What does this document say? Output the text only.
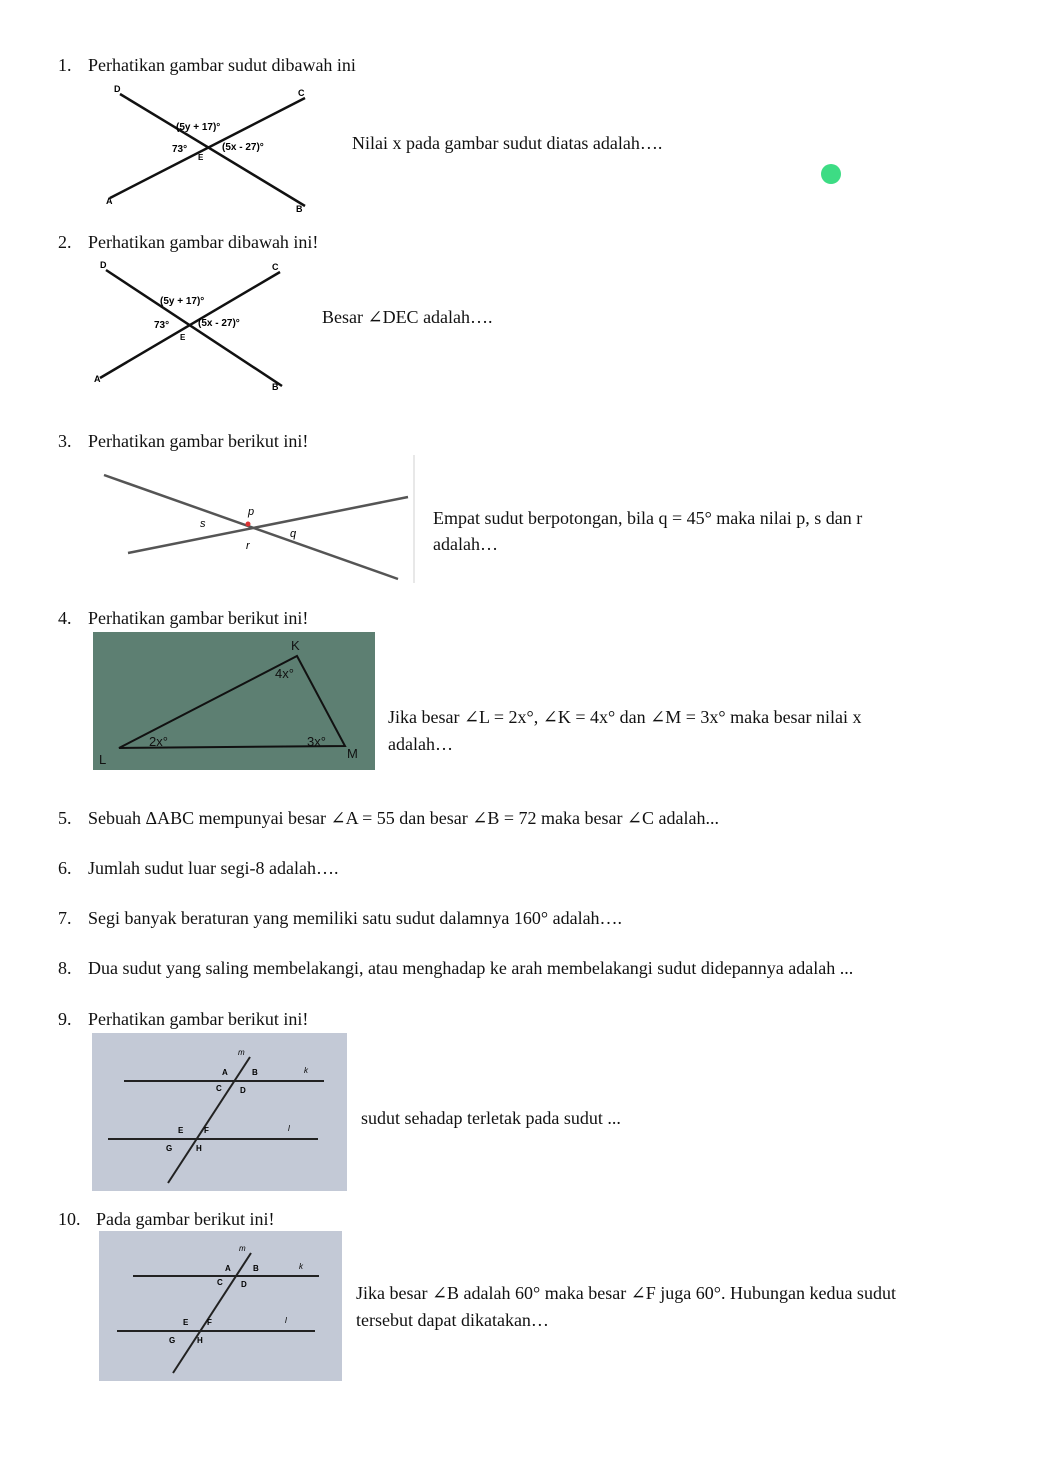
1. Perhatikan gambar sudut dibawah ini
D	C
A
B
E
(5y + 17)°
73°	(5x - 27)°	Nilai x pada gambar sudut diatas adalah….
2. Perhatikan gambar dibawah ini!
D	C
A
B
E
(5y + 17)°
73°	(5x - 27)°	Besar ∠DEC adalah….
3. Perhatikan gambar berikut ini!
p
q
r
s	Empat sudut berpotongan, bila q = 45° maka nilai p, s dan r
adalah…
4. Perhatikan gambar berikut ini!
K
L	M
4x°
2x°	3x°
Jika besar ∠L = 2x°, ∠K = 4x° dan ∠M = 3x° maka besar nilai x
adalah…
5. Sebuah ΔABC mempunyai besar ∠A = 55 dan besar ∠B = 72 maka besar ∠C adalah...
6. Jumlah sudut luar segi-8 adalah….
7. Segi banyak beraturan yang memiliki satu sudut dalamnya 160° adalah….
8. Dua sudut yang saling membelakangi, atau menghadap ke arah membelakangi sudut didepannya adalah ...
9. Perhatikan gambar berikut ini!
m
k
l
A	B
C D
E	F
G	H
sudut sehadap terletak pada sudut ...
10. Pada gambar berikut ini!
m
k
l
A	B
C D
E F
G	H
Jika besar ∠B adalah 60° maka besar ∠F juga 60°. Hubungan kedua sudut
tersebut dapat dikatakan…
